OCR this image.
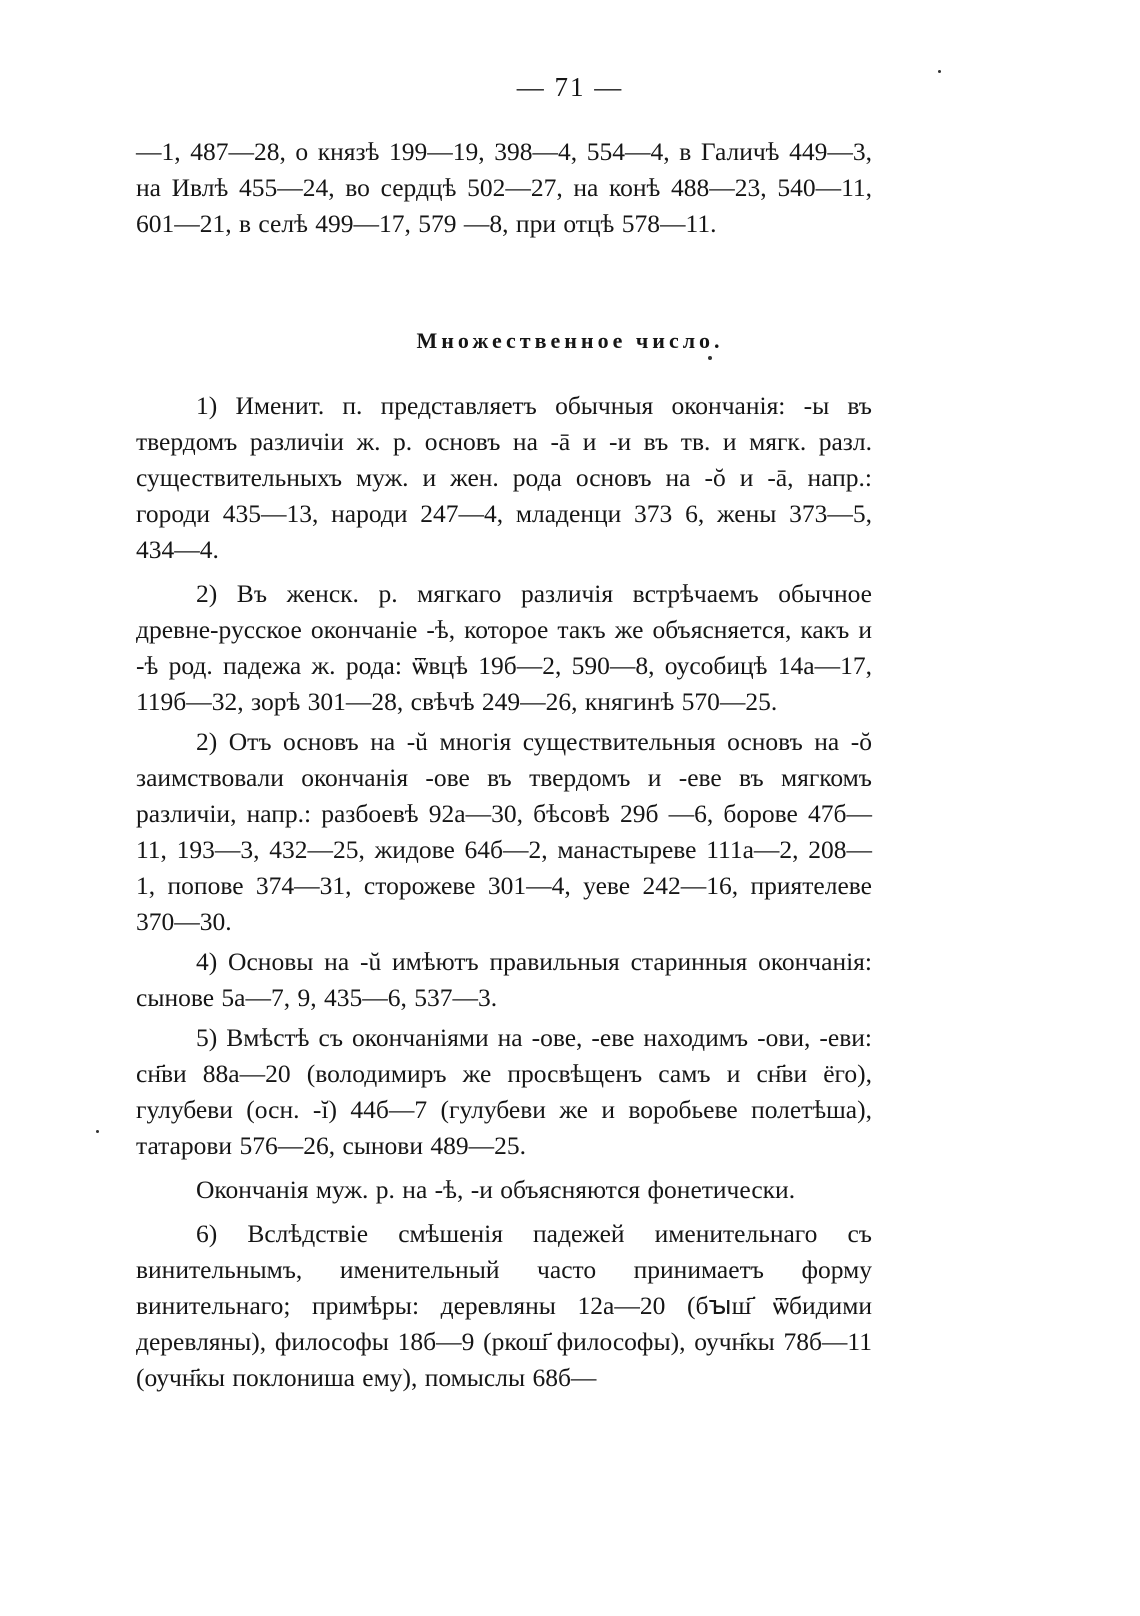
— 71 —

—1, 487—28, о князѣ 199—19, 398—4, 554—4, в Галичѣ 449—3, на Ивлѣ 455—24, во сердцѣ 502—27, на конѣ 488—23, 540—11, 601—21, в селѣ 499—17, 579 —8, при отцѣ 578—11.

Множественное число.

1) Именит. п. представляетъ обычныя окончанія: -ы въ твердомъ различіи ж. р. основъ на -ā и -и въ тв. и мягк. разл. существительныхъ муж. и жен. рода основъ на -ŏ и -ā, напр.: городи 435—13, народи 247—4, младенци 373 6, жены 373—5, 434—4.

2) Въ женск. р. мягкаго различія встрѣчаемъ обычное древне-русское окончаніе -ѣ, которое такъ же объясняется, какъ и -ѣ род. падежа ж. рода: ѿвцѣ 19б—2, 590—8, оусобицѣ 14а—17, 119б—32, зорѣ 301—28, свѣчѣ 249—26, княгинѣ 570—25.

2) Отъ основъ на -ŭ многія существительныя основъ на -ŏ заимствовали окончанія -ове въ твердомъ и -еве въ мягкомъ различіи, напр.: разбоевѣ 92а—30, бѣсовѣ 29б —6, борове 47б—11, 193—3, 432—25, жидове 64б—2, манастыреве 111а—2, 208—1, попове 374—31, сторожеве 301—4, уеве 242—16, приятелеве 370—30.

4) Основы на -ŭ имѣютъ правильныя старинныя окончанія: сынове 5а—7, 9, 435—6, 537—3.

5) Вмѣстѣ съ окончаніями на -ове, -еве находимъ -ови, -еви: сн҃ви 88а—20 (володимиръ же просвѣщенъ самъ и сн҃ви ёго), гулубеви (осн. -ĭ) 44б—7 (гулубеви же и воробьеве полетѣша), татарови 576—26, сынови 489—25.

Окончанія муж. р. на -ѣ, -и объясняются фонетически.

6) Вслѣдствіе смѣшенія падежей именительнаго съ винительнымъ, именительный часто принимаетъ форму винительнаго; примѣры: деревляны 12а—20 (бꙑш҃ ѿбидими деревляны), философы 18б—9 (ркош҃ философы), оучн҃кы 78б—11 (оучн҃кы поклониша ему), помыслы 68б—
